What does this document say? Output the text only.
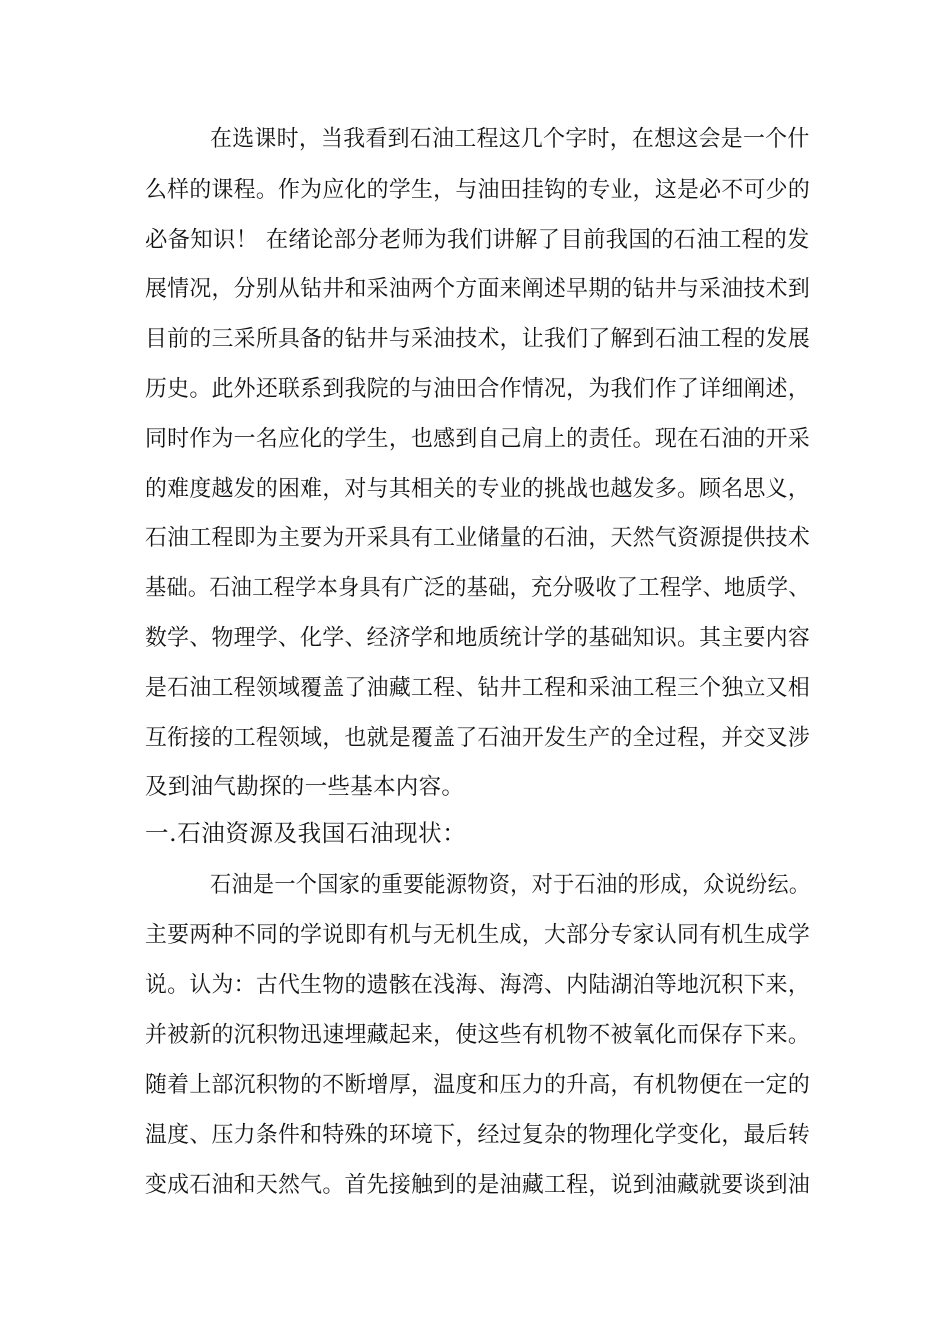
在选课时，当我看到石油工程这几个字时，在想这会是一个什
么样的课程。作为应化的学生，与油田挂钩的专业，这是必不可少的
必备知识！ 在绪论部分老师为我们讲解了目前我国的石油工程的发
展情况，分别从钻井和采油两个方面来阐述早期的钻井与采油技术到
目前的三采所具备的钻井与采油技术，让我们了解到石油工程的发展
历史。此外还联系到我院的与油田合作情况，为我们作了详细阐述，
同时作为一名应化的学生，也感到自己肩上的责任。现在石油的开采
的难度越发的困难，对与其相关的专业的挑战也越发多。顾名思义，
石油工程即为主要为开采具有工业储量的石油，天然气资源提供技术
基础。石油工程学本身具有广泛的基础，充分吸收了工程学、地质学、
数学、物理学、化学、经济学和地质统计学的基础知识。其主要内容
是石油工程领域覆盖了油藏工程、钻井工程和采油工程三个独立又相
互衔接的工程领域，也就是覆盖了石油开发生产的全过程，并交叉涉
及到油气勘探的一些基本内容。
一.石油资源及我国石油现状：
石油是一个国家的重要能源物资，对于石油的形成，众说纷纭。
主要两种不同的学说即有机与无机生成，大部分专家认同有机生成学
说。认为：古代生物的遗骸在浅海、海湾、内陆湖泊等地沉积下来，
并被新的沉积物迅速埋藏起来，使这些有机物不被氧化而保存下来。
随着上部沉积物的不断增厚，温度和压力的升高，有机物便在一定的
温度、压力条件和特殊的环境下，经过复杂的物理化学变化，最后转
变成石油和天然气。首先接触到的是油藏工程，说到油藏就要谈到油
